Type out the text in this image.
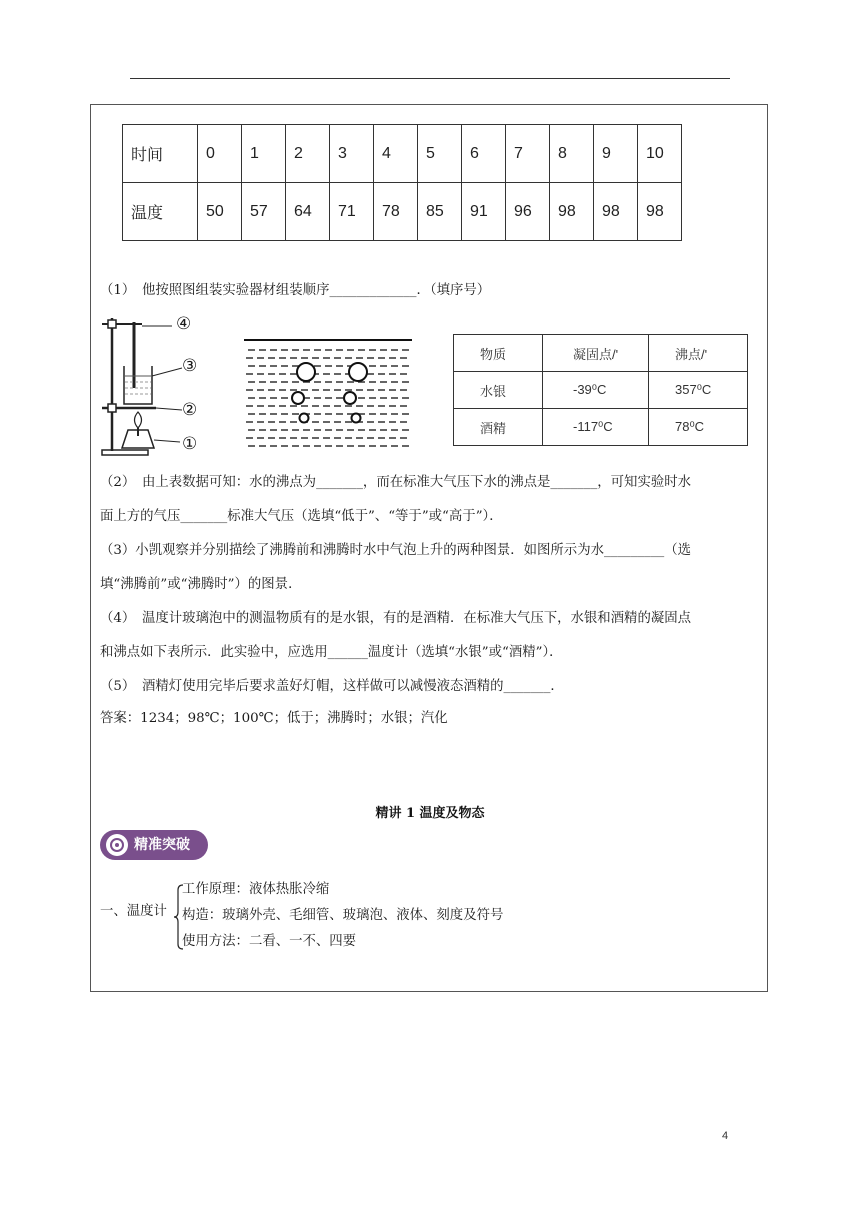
时间	0	1	2	3	4	5	6	7	8	9	10
温度	50	57	64	71	78	85	91	96	98	98	98
（1）　他按照图组装实验器材组装顺序_____________．（填序号）
④
③
②
①
物质	凝固点/'	沸点/'
水银	-39⁰C	357⁰C
酒精	-117⁰C	78⁰C
（2）　由上表数据可知：水的沸点为_______，而在标准大气压下水的沸点是_______，可知实验时水
面上方的气压_______标准大气压（选填“低于”、“等于”或“高于”）．
（3）小凯观察并分别描绘了沸腾前和沸腾时水中气泡上升的两种图景．如图所示为水_________（选
填“沸腾前”或“沸腾时”）的图景．
（4）　温度计玻璃泡中的测温物质有的是水银，有的是酒精．在标准大气压下，水银和酒精的凝固点
和沸点如下表所示．此实验中，应选用______温度计（选填“水银”或“酒精”）．
（5）　酒精灯使用完毕后要求盖好灯帽，这样做可以减慢液态酒精的_______．
答案：1234；98℃；100℃；低于；沸腾时；水银；汽化
精讲 1 温度及物态
精准突破
一、温度计
工作原理：液体热胀冷缩
构造：玻璃外壳、毛细管、玻璃泡、液体、刻度及符号
使用方法：二看、一不、四要
4
